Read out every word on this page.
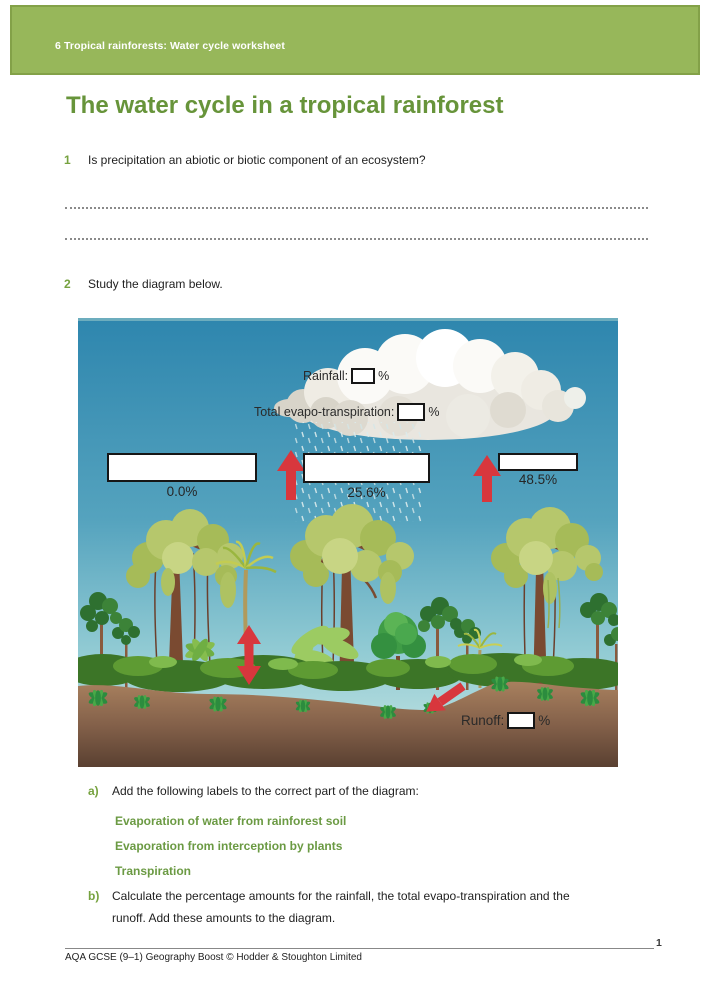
6 Tropical rainforests: Water cycle worksheet
The water cycle in a tropical rainforest
1 Is precipitation an abiotic or biotic component of an ecosystem?
2 Study the diagram below.
Rainfall: %
Total evapo-transpiration:	%
0.0%	25.6%
48.5%
Runoff:	%
a) Add the following labels to the correct part of the diagram:
Evaporation of water from rainforest soil
Evaporation from interception by plants
Transpiration
b) Calculate the percentage amounts for the rainfall, the total evapo-transpiration and the
runoff. Add these amounts to the diagram.
1
AQA GCSE (9–1) Geography Boost © Hodder & Stoughton Limited
